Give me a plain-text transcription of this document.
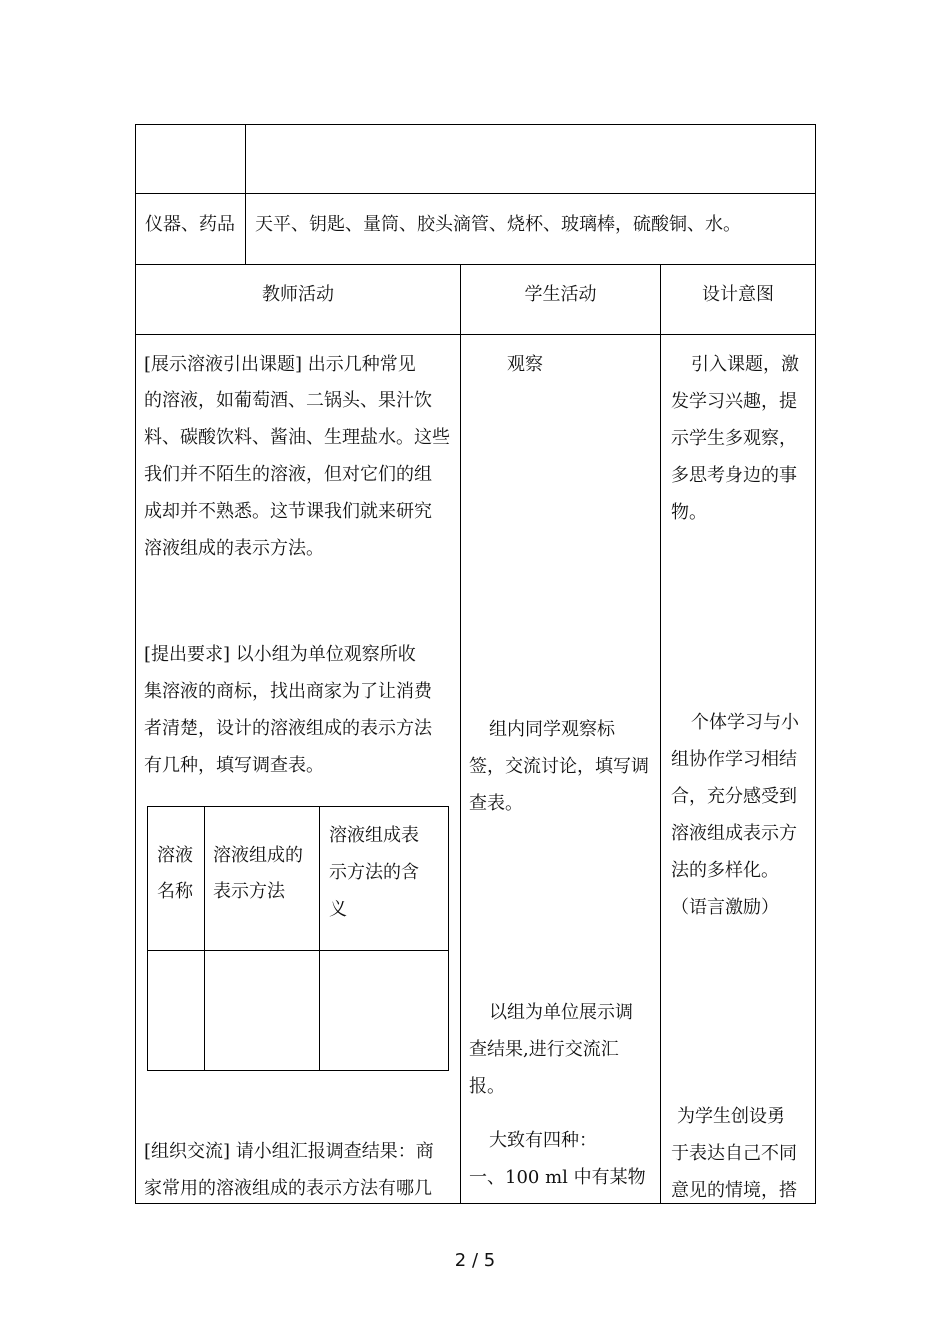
仪器、药品 天平、钥匙、量筒、胶头滴管、烧杯、玻璃棒，硫酸铜、水。
教师活动	学生活动	设计意图
[展示溶液引出课题] 出示几种常见
的溶液，如葡萄酒、二锅头、果汁饮
料、碳酸饮料、酱油、生理盐水。这些
我们并不陌生的溶液，但对它们的组
成却并不熟悉。这节课我们就来研究
溶液组成的表示方法。
[提出要求] 以小组为单位观察所收
集溶液的商标，找出商家为了让消费
者清楚，设计的溶液组成的表示方法
有几种，填写调查表。
溶液
名称
溶液组成的
表示方法
溶液组成表
示方法的含
义
[组织交流] 请小组汇报调查结果：商
家常用的溶液组成的表示方法有哪几
观察
组内同学观察标
签，交流讨论，填写调
查表。
以组为单位展示调
查结果,进行交流汇
报。
大致有四种：
一、100 ml 中有某物
引入课题，激
发学习兴趣，提
示学生多观察，
多思考身边的事
物。
个体学习与小
组协作学习相结
合，充分感受到
溶液组成表示方
法的多样化。
（语言激励）
为学生创设勇
于表达自己不同
意见的情境，搭
2 / 5
